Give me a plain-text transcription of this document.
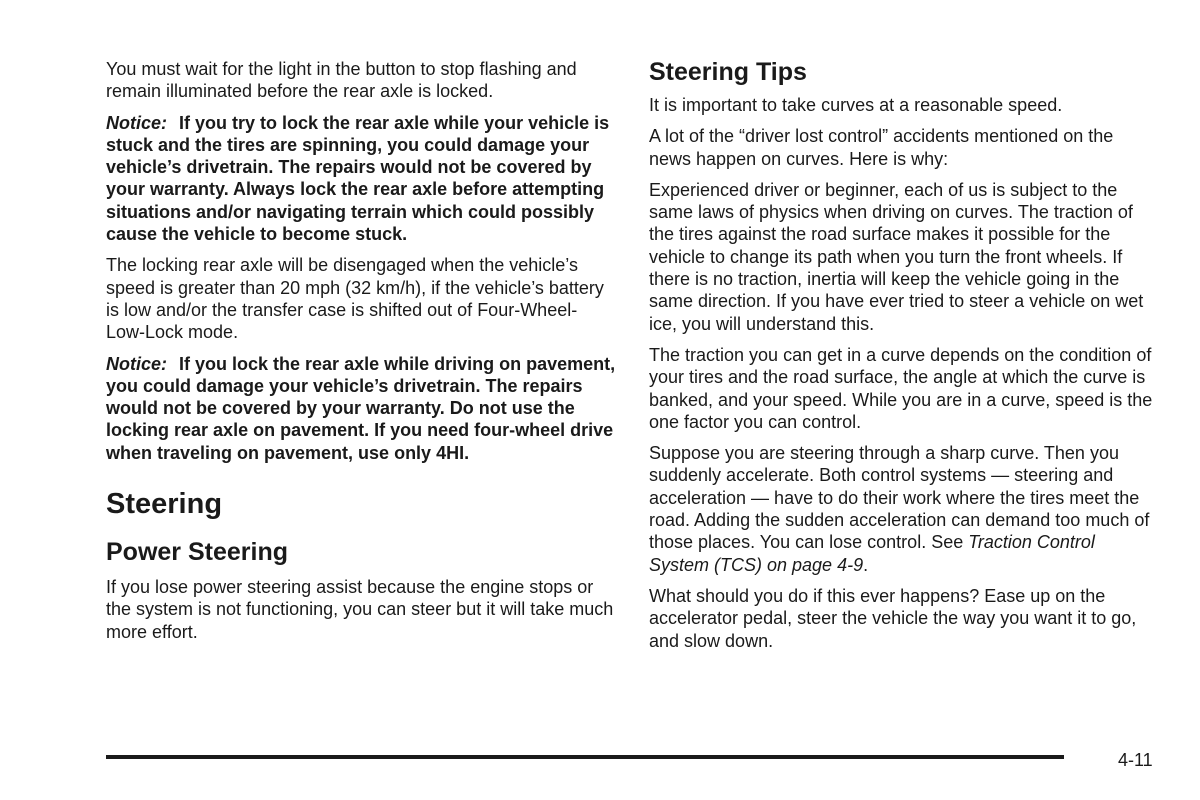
You must wait for the light in the button to stop flashing and remain illuminated before the rear axle is locked.

Notice: If you try to lock the rear axle while your vehicle is stuck and the tires are spinning, you could damage your vehicle’s drivetrain. The repairs would not be covered by your warranty. Always lock the rear axle before attempting situations and/or navigating terrain which could possibly cause the vehicle to become stuck.

The locking rear axle will be disengaged when the vehicle’s speed is greater than 20 mph (32 km/h), if the vehicle’s battery is low and/or the transfer case is shifted out of Four-Wheel-Low-Lock mode.

Notice: If you lock the rear axle while driving on pavement, you could damage your vehicle’s drivetrain. The repairs would not be covered by your warranty. Do not use the locking rear axle on pavement. If you need four-wheel drive when traveling on pavement, use only 4HI.

Steering
Power Steering

If you lose power steering assist because the engine stops or the system is not functioning, you can steer but it will take much more effort.

Steering Tips

It is important to take curves at a reasonable speed.

A lot of the “driver lost control” accidents mentioned on the news happen on curves. Here is why:

Experienced driver or beginner, each of us is subject to the same laws of physics when driving on curves. The traction of the tires against the road surface makes it possible for the vehicle to change its path when you turn the front wheels. If there is no traction, inertia will keep the vehicle going in the same direction. If you have ever tried to steer a vehicle on wet ice, you will understand this.

The traction you can get in a curve depends on the condition of your tires and the road surface, the angle at which the curve is banked, and your speed. While you are in a curve, speed is the one factor you can control.

Suppose you are steering through a sharp curve. Then you suddenly accelerate. Both control systems — steering and acceleration — have to do their work where the tires meet the road. Adding the sudden acceleration can demand too much of those places. You can lose control. See Traction Control System (TCS) on page 4-9.

What should you do if this ever happens? Ease up on the accelerator pedal, steer the vehicle the way you want it to go, and slow down.

4-11
